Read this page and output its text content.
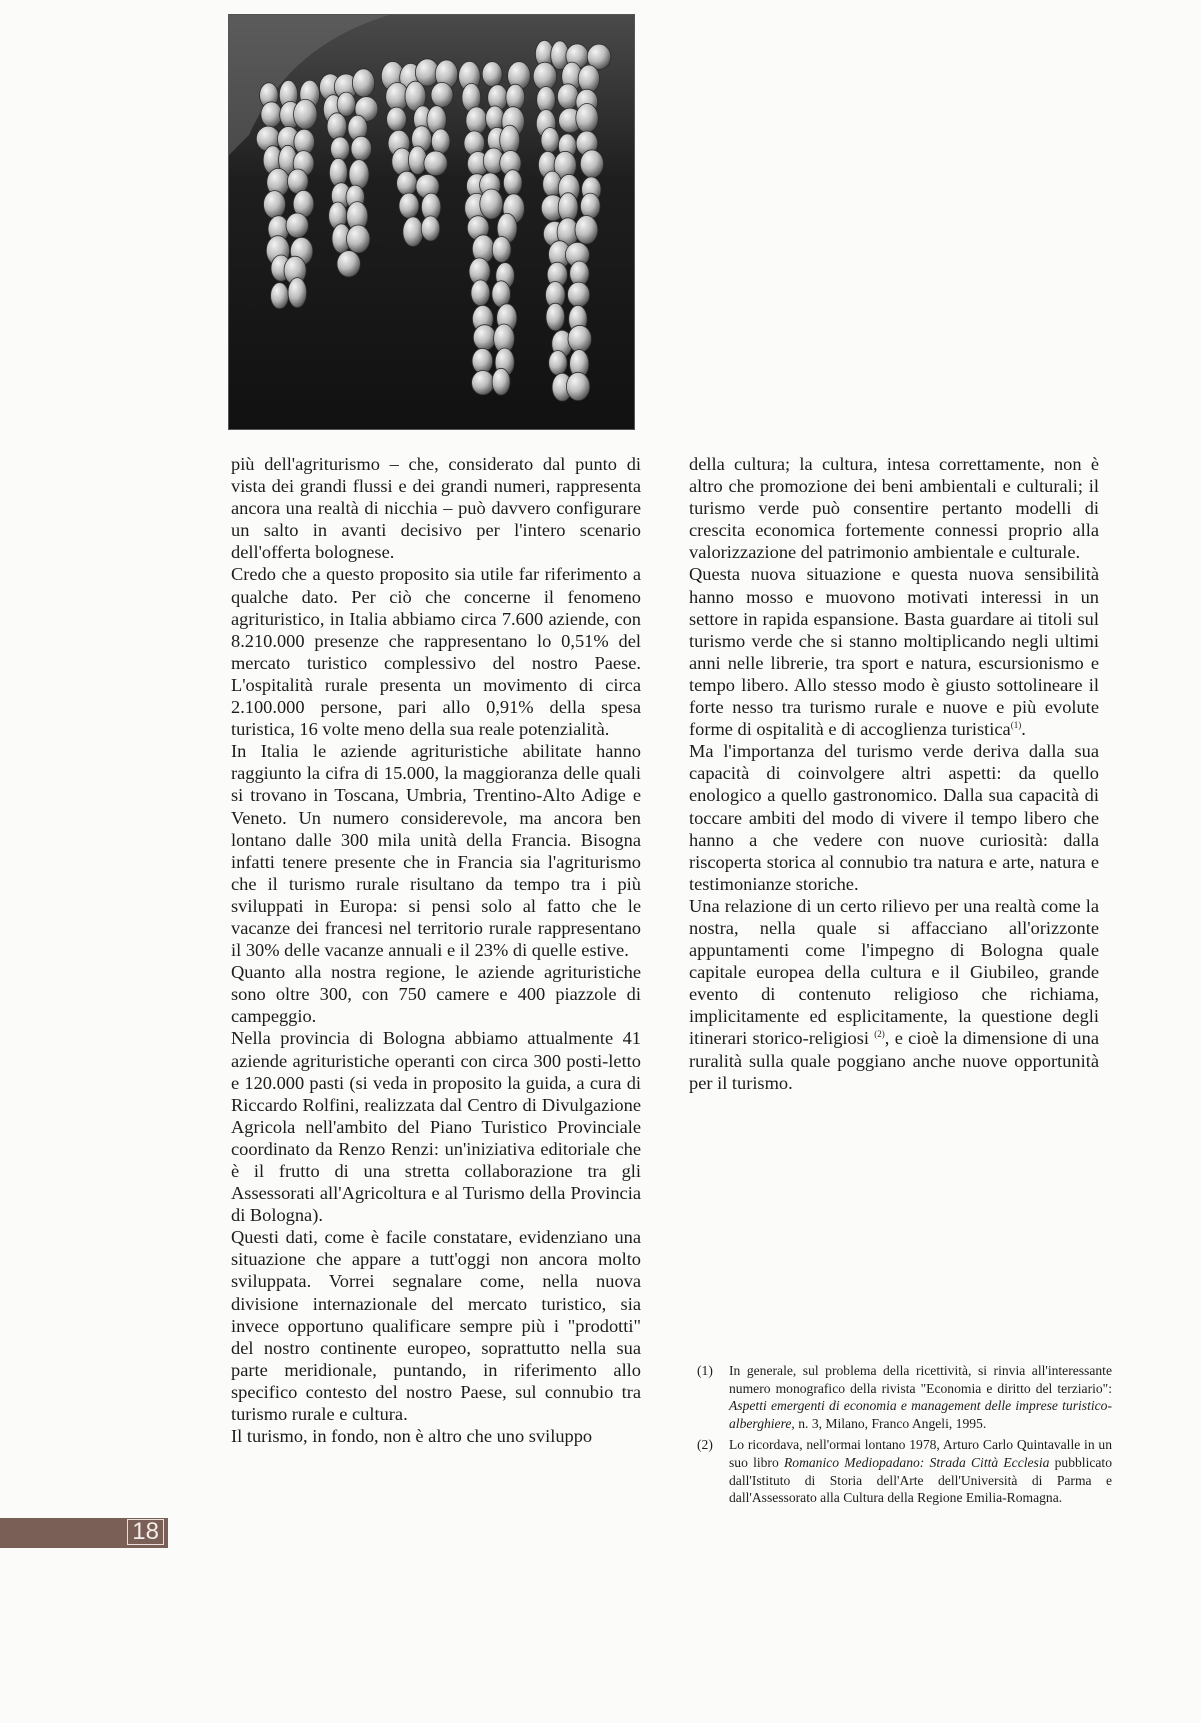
più dell'agriturismo – che, considerato dal punto di vista dei grandi flussi e dei grandi numeri, rappresenta ancora una realtà di nicchia – può davvero configurare un salto in avanti decisivo per l'intero scenario dell'offerta bolognese.

Credo che a questo proposito sia utile far riferimento a qualche dato. Per ciò che concerne il fenomeno agrituristico, in Italia abbiamo circa 7.600 aziende, con 8.210.000 presenze che rappresentano lo 0,51% del mercato turistico complessivo del nostro Paese. L'ospitalità rurale presenta un movimento di circa 2.100.000 persone, pari allo 0,91% della spesa turistica, 16 volte meno della sua reale potenzialità.

In Italia le aziende agrituristiche abilitate hanno raggiunto la cifra di 15.000, la maggioranza delle quali si trovano in Toscana, Umbria, Trentino-Alto Adige e Veneto. Un numero considerevole, ma ancora ben lontano dalle 300 mila unità della Francia. Bisogna infatti tenere presente che in Francia sia l'agriturismo che il turismo rurale risultano da tempo tra i più sviluppati in Europa: si pensi solo al fatto che le vacanze dei francesi nel territorio rurale rappresentano il 30% delle vacanze annuali e il 23% di quelle estive.

Quanto alla nostra regione, le aziende agrituristiche sono oltre 300, con 750 camere e 400 piazzole di campeggio.

Nella provincia di Bologna abbiamo attualmente 41 aziende agrituristiche operanti con circa 300 posti-letto e 120.000 pasti (si veda in proposito la guida, a cura di Riccardo Rolfini, realizzata dal Centro di Divulgazione Agricola nell'ambito del Piano Turistico Provinciale coordinato da Renzo Renzi: un'iniziativa editoriale che è il frutto di una stretta collaborazione tra gli Assessorati all'Agricoltura e al Turismo della Provincia di Bologna).

Questi dati, come è facile constatare, evidenziano una situazione che appare a tutt'oggi non ancora molto sviluppata. Vorrei segnalare come, nella nuova divisione internazionale del mercato turistico, sia invece opportuno qualificare sempre più i "prodotti" del nostro continente europeo, soprattutto nella sua parte meridionale, puntando, in riferimento allo specifico contesto del nostro Paese, sul connubio tra turismo rurale e cultura.

Il turismo, in fondo, non è altro che uno sviluppo

della cultura; la cultura, intesa correttamente, non è altro che promozione dei beni ambientali e culturali; il turismo verde può consentire pertanto modelli di crescita economica fortemente connessi proprio alla valorizzazione del patrimonio ambientale e culturale.

Questa nuova situazione e questa nuova sensibilità hanno mosso e muovono motivati interessi in un settore in rapida espansione. Basta guardare ai titoli sul turismo verde che si stanno moltiplicando negli ultimi anni nelle librerie, tra sport e natura, escursionismo e tempo libero. Allo stesso modo è giusto sottolineare il forte nesso tra turismo rurale e nuove e più evolute forme di ospitalità e di accoglienza turistica$^{(1)}$.

Ma l'importanza del turismo verde deriva dalla sua capacità di coinvolgere altri aspetti: da quello enologico a quello gastronomico. Dalla sua capacità di toccare ambiti del modo di vivere il tempo libero che hanno a che vedere con nuove curiosità: dalla riscoperta storica al connubio tra natura e arte, natura e testimonianze storiche.

Una relazione di un certo rilievo per una realtà come la nostra, nella quale si affacciano all'orizzonte appuntamenti come l'impegno di Bologna quale capitale europea della cultura e il Giubileo, grande evento di contenuto religioso che richiama, implicitamente ed esplicitamente, la questione degli itinerari storico-religiosi $^{(2)}$, e cioè la dimensione di una ruralità sulla quale poggiano anche nuove opportunità per il turismo.

(1)	In generale, sul problema della ricettività, si rinvia all'interessante numero monografico della rivista "Economia e diritto del terziario": Aspetti emergenti di economia e management delle imprese turistico-alberghiere, n. 3, Milano, Franco Angeli, 1995.
(2)	Lo ricordava, nell'ormai lontano 1978, Arturo Carlo Quintavalle in un suo libro Romanico Mediopadano: Strada Città Ecclesia pubblicato dall'Istituto di Storia dell'Arte dell'Università di Parma e dall'Assessorato alla Cultura della Regione Emilia-Romagna.
18
